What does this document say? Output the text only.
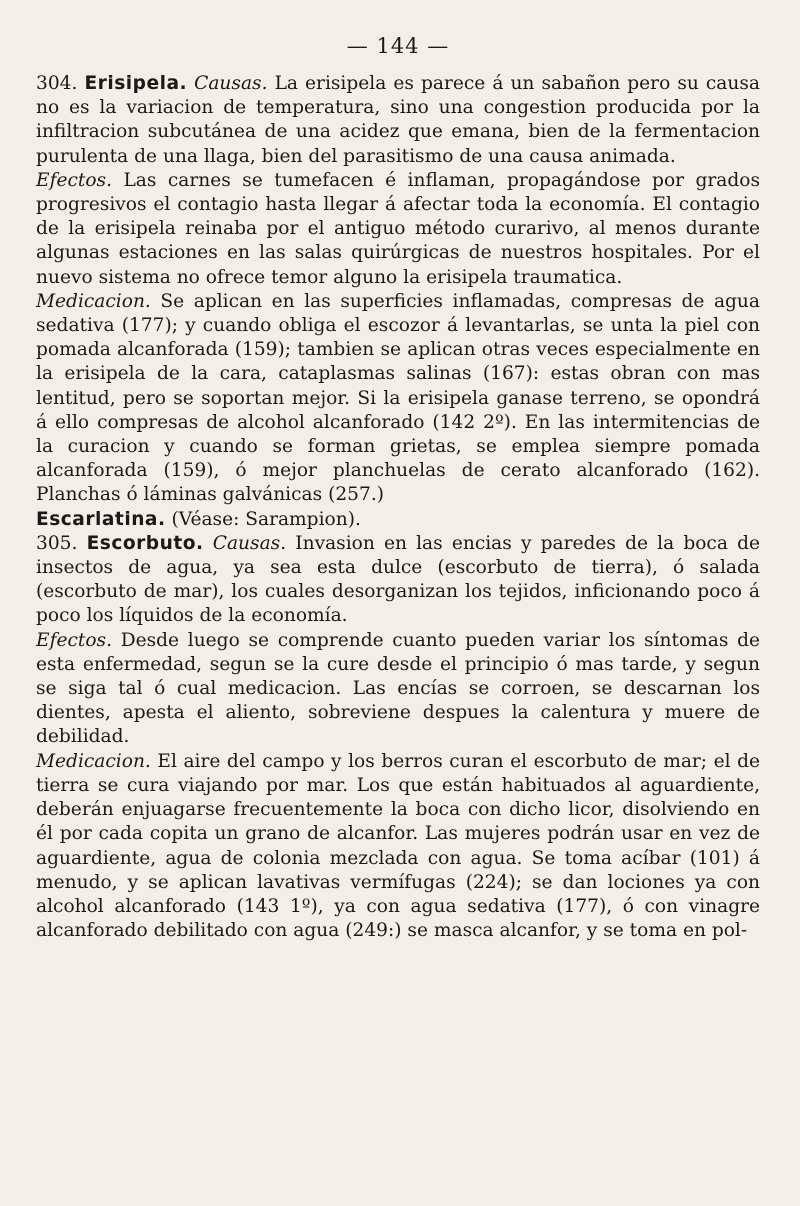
— 144 —

304. Erisipela. Causas. La erisipela es parece á un sabañon pero su causa no es la variacion de temperatura, sino una congestion producida por la infiltracion subcutánea de una acidez que emana, bien de la fermentacion purulenta de una llaga, bien del parasitismo de una causa animada.

Efectos. Las carnes se tumefacen é inflaman, propagándose por grados progresivos el contagio hasta llegar á afectar toda la economía. El contagio de la erisipela reinaba por el antiguo método curarivo, al menos durante algunas estaciones en las salas quirúrgicas de nuestros hospitales. Por el nuevo sistema no ofrece temor alguno la erisipela traumatica.

Medicacion. Se aplican en las superficies inflamadas, compresas de agua sedativa (177); y cuando obliga el escozor á levantarlas, se unta la piel con pomada alcanforada (159); tambien se aplican otras veces especialmente en la erisipela de la cara, cataplasmas salinas (167): estas obran con mas lentitud, pero se soportan mejor. Si la erisipela ganase terreno, se opondrá á ello compresas de alcohol alcanforado (142 2º). En las intermitencias de la curacion y cuando se forman grietas, se emplea siempre pomada alcanforada (159), ó mejor planchuelas de cerato alcanforado (162). Planchas ó láminas galvánicas (257.)

Escarlatina. (Véase: Sarampion).

305. Escorbuto. Causas. Invasion en las encias y paredes de la boca de insectos de agua, ya sea esta dulce (escorbuto de tierra), ó salada (escorbuto de mar), los cuales desorganizan los tejidos, inficionando poco á poco los líquidos de la economía.

Efectos. Desde luego se comprende cuanto pueden variar los síntomas de esta enfermedad, segun se la cure desde el principio ó mas tarde, y segun se siga tal ó cual medicacion. Las encías se corroen, se descarnan los dientes, apesta el aliento, sobreviene despues la calentura y muere de debilidad.

Medicacion. El aire del campo y los berros curan el escorbuto de mar; el de tierra se cura viajando por mar. Los que están habituados al aguardiente, deberán enjuagarse frecuentemente la boca con dicho licor, disolviendo en él por cada copita un grano de alcanfor. Las mujeres podrán usar en vez de aguardiente, agua de colonia mezclada con agua. Se toma acíbar (101) á menudo, y se aplican lavativas vermífugas (224); se dan lociones ya con alcohol alcanforado (143 1º), ya con agua sedativa (177), ó con vinagre alcanforado debilitado con agua (249:) se masca alcanfor, y se toma en pol-
